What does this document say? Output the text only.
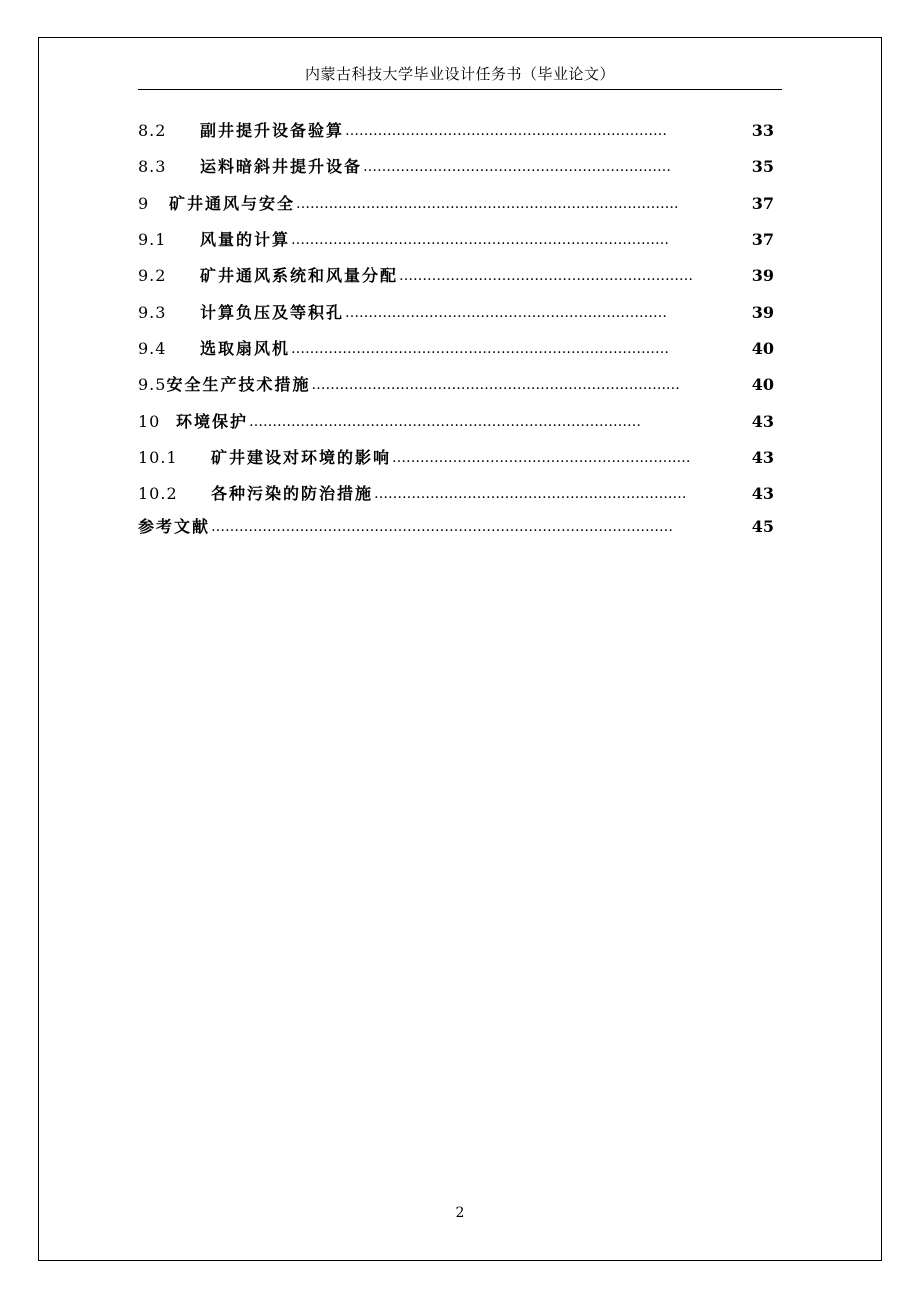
内蒙古科技大学毕业设计任务书（毕业论文）
8.2	副井提升设备验算 ……………………………………………………………	33
8.3	运料暗斜井提升设备 …………………………………………………………	35
9	矿井通风与安全 ……………………………………………………………………….	37
9.1	风量的计算 ………………………………………………………………………	37
9.2	矿井通风系统和风量分配 ………………………………………………………	39
9.3	计算负压及等积孔 ……………………………………………………………	39
9.4	选取扇风机 ………………………………………………………………………	40
9.5 安全生产技术措施 ………………………………………………………………….…	40
10 环境保护 …………………………………………………………………………	43
10.1	矿井建设对环境的影响 …………………………………………………….…	43
10.2	各种污染的防治措施 ……………………………………………………….…	43
参考文献 ………………………………………………………………………………………	45
2
